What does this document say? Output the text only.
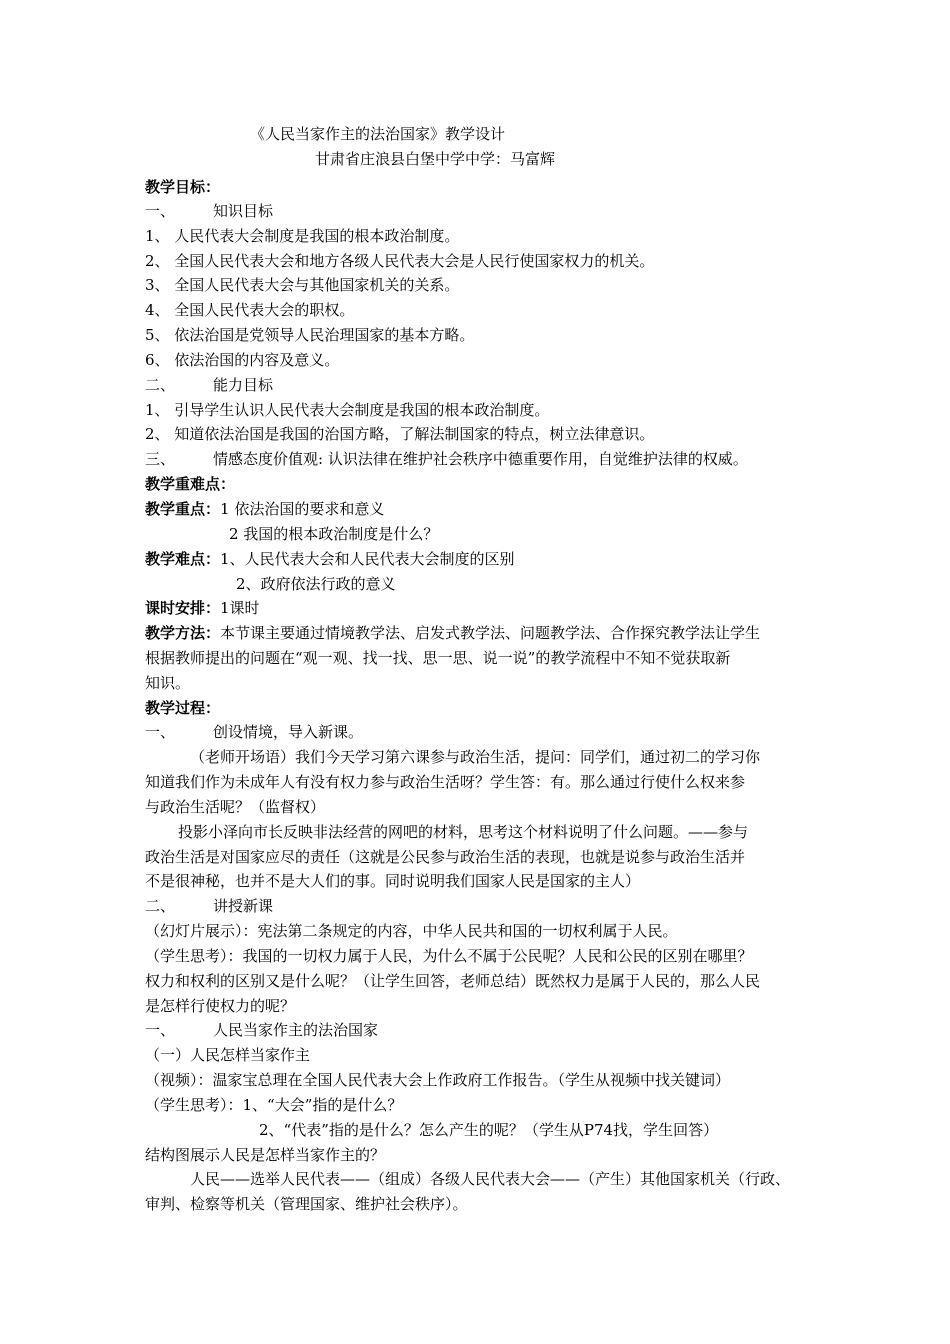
《人民当家作主的法治国家》教学设计
甘肃省庄浪县白堡中学中学：马富辉
教学目标：
一、	知识目标
1、 人民代表大会制度是我国的根本政治制度。
2、 全国人民代表大会和地方各级人民代表大会是人民行使国家权力的机关。
3、 全国人民代表大会与其他国家机关的关系。
4、 全国人民代表大会的职权。
5、 依法治国是党领导人民治理国家的基本方略。
6、 依法治国的内容及意义。
二、	能力目标
1、 引导学生认识人民代表大会制度是我国的根本政治制度。
2、 知道依法治国是我国的治国方略，了解法制国家的特点，树立法律意识。
三、	情感态度价值观: 认识法律在维护社会秩序中德重要作用，自觉维护法律的权威。
教学重难点：
教学重点：1 依法治国的要求和意义
2 我国的根本政治制度是什么？
教学难点：1、人民代表大会和人民代表大会制度的区别
2、政府依法行政的意义
课时安排：1课时
教学方法：本节课主要通过情境教学法、启发式教学法、问题教学法、合作探究教学法让学生
根据教师提出的问题在“观一观、找一找、思一思、说一说”的教学流程中不知不觉获取新
知识。
教学过程：
一、	创设情境，导入新课。
（老师开场语）我们今天学习第六课参与政治生活，提问：同学们，通过初二的学习你
知道我们作为未成年人有没有权力参与政治生活呀？学生答：有。那么通过行使什么权来参
与政治生活呢？（监督权）
投影小泽向市长反映非法经营的网吧的材料，思考这个材料说明了什么问题。——参与
政治生活是对国家应尽的责任（这就是公民参与政治生活的表现，也就是说参与政治生活并
不是很神秘，也并不是大人们的事。同时说明我们国家人民是国家的主人）
二、	讲授新课
（幻灯片展示）：宪法第二条规定的内容，中华人民共和国的一切权利属于人民。
（学生思考）：我国的一切权力属于人民，为什么不属于公民呢？人民和公民的区别在哪里？
权力和权利的区别又是什么呢？（让学生回答，老师总结）既然权力是属于人民的，那么人民
是怎样行使权力的呢？
一、	人民当家作主的法治国家
（一）人民怎样当家作主
（视频）：温家宝总理在全国人民代表大会上作政府工作报告。（学生从视频中找关键词）
（学生思考）：1、“大会”指的是什么？
2、“代表”指的是什么？怎么产生的呢？（学生从P74找，学生回答）
结构图展示人民是怎样当家作主的？
人民——选举人民代表——（组成）各级人民代表大会——（产生）其他国家机关（行政、
审判、检察等机关（管理国家、维护社会秩序）。
